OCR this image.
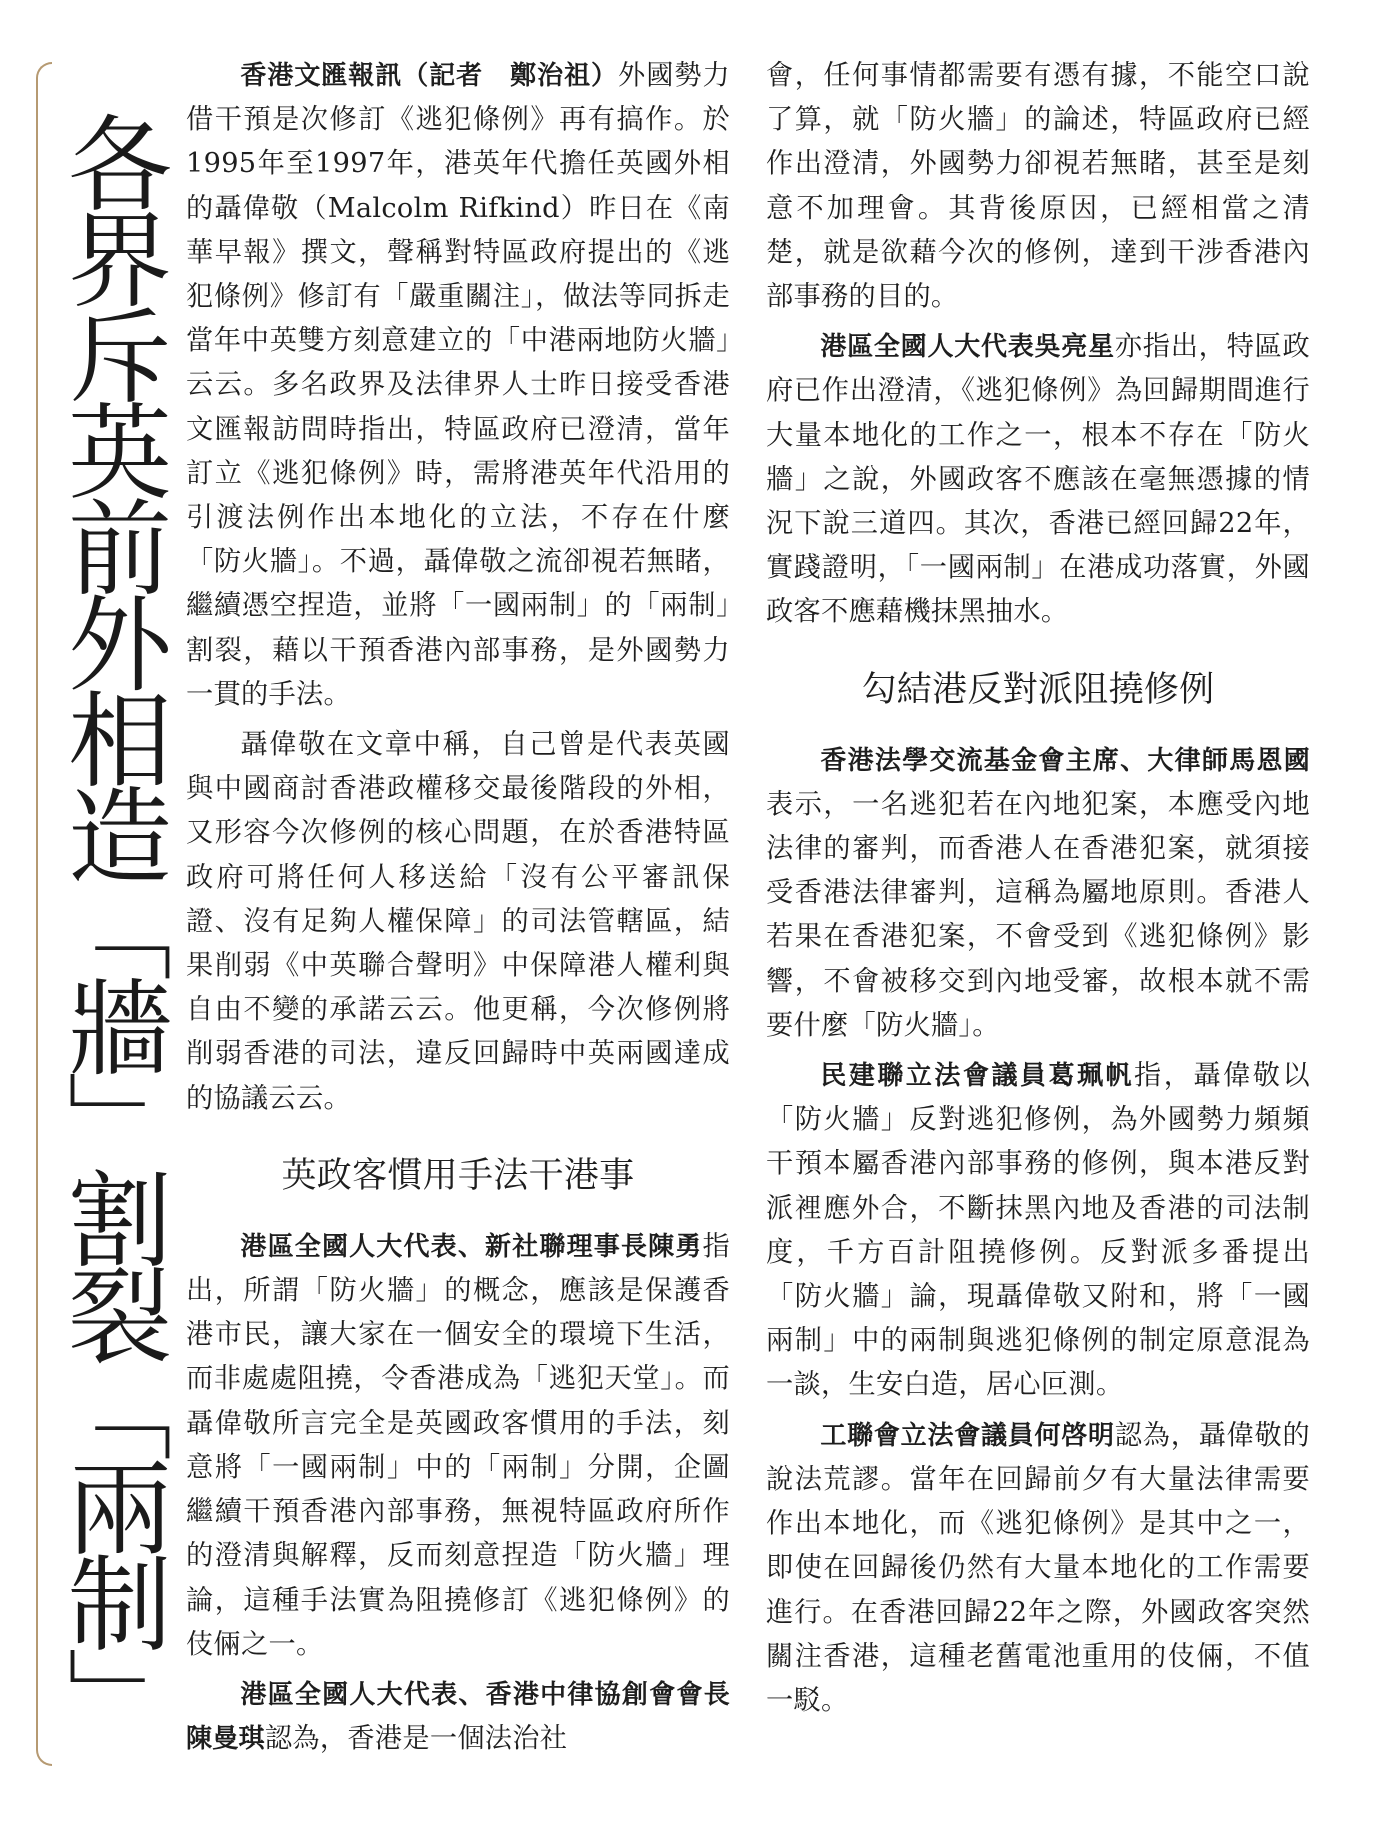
各界斥英前外相造「牆」割裂「兩制」

香港文匯報訊（記者　鄭治祖）外國勢力借干預是次修訂《逃犯條例》再有搞作。於1995年至1997年，港英年代擔任英國外相的聶偉敬（Malcolm Rifkind）昨日在《南華早報》撰文，聲稱對特區政府提出的《逃犯條例》修訂有「嚴重關注」，做法等同拆走當年中英雙方刻意建立的「中港兩地防火牆」云云。多名政界及法律界人士昨日接受香港文匯報訪問時指出，特區政府已澄清，當年訂立《逃犯條例》時，需將港英年代沿用的引渡法例作出本地化的立法，不存在什麼「防火牆」。不過，聶偉敬之流卻視若無睹，繼續憑空捏造，並將「一國兩制」的「兩制」割裂，藉以干預香港內部事務，是外國勢力一貫的手法。

聶偉敬在文章中稱，自己曾是代表英國與中國商討香港政權移交最後階段的外相，又形容今次修例的核心問題，在於香港特區政府可將任何人移送給「沒有公平審訊保證、沒有足夠人權保障」的司法管轄區，結果削弱《中英聯合聲明》中保障港人權利與自由不變的承諾云云。他更稱，今次修例將削弱香港的司法，違反回歸時中英兩國達成的協議云云。

英政客慣用手法干港事

港區全國人大代表、新社聯理事長陳勇指出，所謂「防火牆」的概念，應該是保護香港市民，讓大家在一個安全的環境下生活，而非處處阻撓，令香港成為「逃犯天堂」。而聶偉敬所言完全是英國政客慣用的手法，刻意將「一國兩制」中的「兩制」分開，企圖繼續干預香港內部事務，無視特區政府所作的澄清與解釋，反而刻意捏造「防火牆」理論，這種手法實為阻撓修訂《逃犯條例》的伎倆之一。

港區全國人大代表、香港中律協創會會長陳曼琪認為，香港是一個法治社

會，任何事情都需要有憑有據，不能空口說了算，就「防火牆」的論述，特區政府已經作出澄清，外國勢力卻視若無睹，甚至是刻意不加理會。其背後原因，已經相當之清楚，就是欲藉今次的修例，達到干涉香港內部事務的目的。

港區全國人大代表吳亮星亦指出，特區政府已作出澄清，《逃犯條例》為回歸期間進行大量本地化的工作之一，根本不存在「防火牆」之說，外國政客不應該在毫無憑據的情況下說三道四。其次，香港已經回歸22年，實踐證明，「一國兩制」在港成功落實，外國政客不應藉機抹黑抽水。

勾結港反對派阻撓修例

香港法學交流基金會主席、大律師馬恩國表示，一名逃犯若在內地犯案，本應受內地法律的審判，而香港人在香港犯案，就須接受香港法律審判，這稱為屬地原則。香港人若果在香港犯案，不會受到《逃犯條例》影響，不會被移交到內地受審，故根本就不需要什麼「防火牆」。

民建聯立法會議員葛珮帆指，聶偉敬以「防火牆」反對逃犯修例，為外國勢力頻頻干預本屬香港內部事務的修例，與本港反對派裡應外合，不斷抹黑內地及香港的司法制度，千方百計阻撓修例。反對派多番提出「防火牆」論，現聶偉敬又附和，將「一國兩制」中的兩制與逃犯條例的制定原意混為一談，生安白造，居心叵測。

工聯會立法會議員何啓明認為，聶偉敬的說法荒謬。當年在回歸前夕有大量法律需要作出本地化，而《逃犯條例》是其中之一，即使在回歸後仍然有大量本地化的工作需要進行。在香港回歸22年之際，外國政客突然關注香港，這種老舊電池重用的伎倆，不值一駁。
